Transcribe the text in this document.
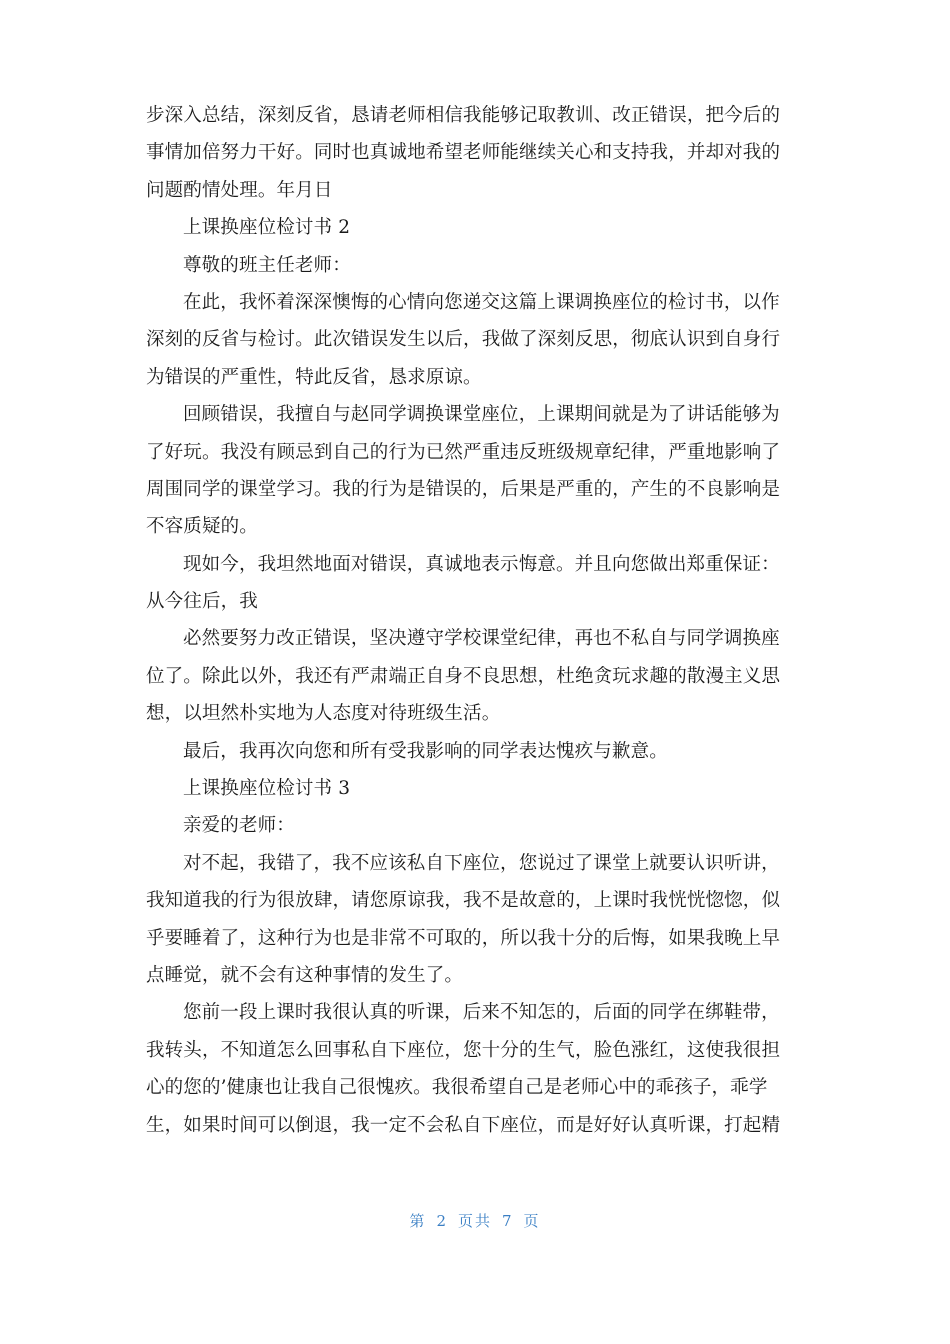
步深入总结，深刻反省，恳请老师相信我能够记取教训、改正错误，把今后的
事情加倍努力干好。同时也真诚地希望老师能继续关心和支持我，并却对我的
问题酌情处理。年月日
上课换座位检讨书 2
尊敬的班主任老师：
在此，我怀着深深懊悔的心情向您递交这篇上课调换座位的检讨书，以作
深刻的反省与检讨。此次错误发生以后，我做了深刻反思，彻底认识到自身行
为错误的严重性，特此反省，恳求原谅。
回顾错误，我擅自与赵同学调换课堂座位，上课期间就是为了讲话能够为
了好玩。我没有顾忌到自己的行为已然严重违反班级规章纪律，严重地影响了
周围同学的课堂学习。我的行为是错误的，后果是严重的，产生的不良影响是
不容质疑的。
现如今，我坦然地面对错误，真诚地表示悔意。并且向您做出郑重保证：
从今往后，我
必然要努力改正错误，坚决遵守学校课堂纪律，再也不私自与同学调换座
位了。除此以外，我还有严肃端正自身不良思想，杜绝贪玩求趣的散漫主义思
想，以坦然朴实地为人态度对待班级生活。
最后，我再次向您和所有受我影响的同学表达愧疚与歉意。
上课换座位检讨书 3
亲爱的老师：
对不起，我错了，我不应该私自下座位，您说过了课堂上就要认识听讲，
我知道我的行为很放肆，请您原谅我，我不是故意的，上课时我恍恍惚惚，似
乎要睡着了，这种行为也是非常不可取的，所以我十分的后悔，如果我晚上早
点睡觉，就不会有这种事情的发生了。
您前一段上课时我很认真的听课，后来不知怎的，后面的同学在绑鞋带，
我转头，不知道怎么回事私自下座位，您十分的生气，脸色涨红，这使我很担
心的您的’健康也让我自己很愧疚。我很希望自己是老师心中的乖孩子，乖学
生，如果时间可以倒退，我一定不会私自下座位，而是好好认真听课，打起精
第 2 页共 7 页
